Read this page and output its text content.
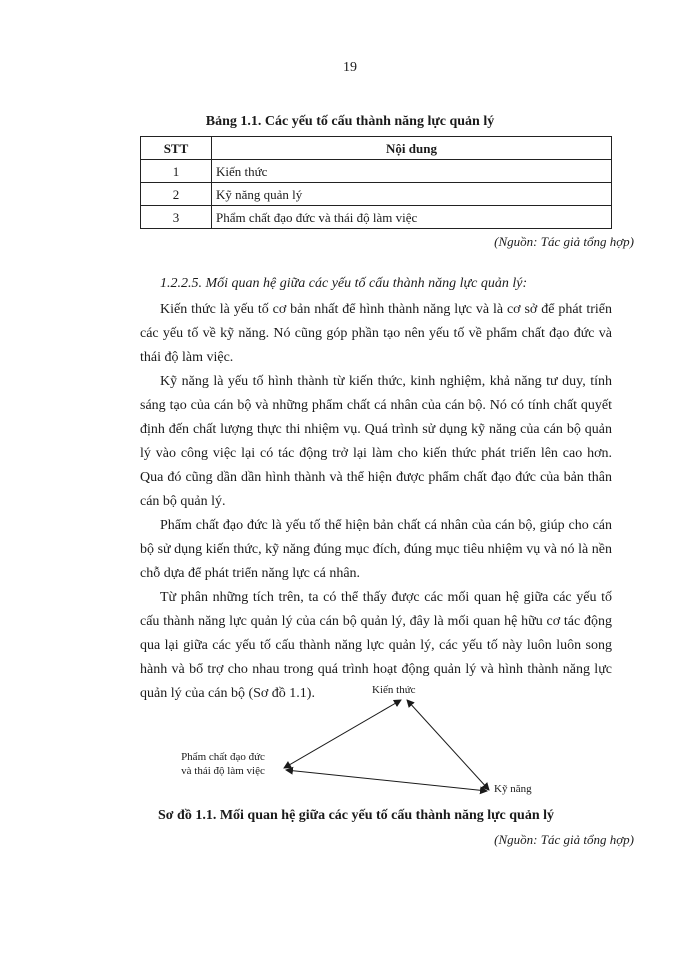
19
Bảng 1.1. Các yếu tố cấu thành năng lực quản lý
STT	Nội dung
1	Kiến thức
2	Kỹ năng quản lý
3	Phẩm chất đạo đức và thái độ làm việc
(Nguồn: Tác giả tổng hợp)
1.2.2.5. Mối quan hệ giữa các yếu tố cấu thành năng lực quản lý:

Kiến thức là yếu tố cơ bản nhất để hình thành năng lực và là cơ sở để phát triển các yếu tố về kỹ năng. Nó cũng góp phần tạo nên yếu tố về phẩm chất đạo đức và thái độ làm việc.

Kỹ năng là yếu tố hình thành từ kiến thức, kinh nghiệm, khả năng tư duy, tính sáng tạo của cán bộ và những phẩm chất cá nhân của cán bộ. Nó có tính chất quyết định đến chất lượng thực thi nhiệm vụ. Quá trình sử dụng kỹ năng của cán bộ quản lý vào công việc lại có tác động trở lại làm cho kiến thức phát triển lên cao hơn. Qua đó cũng dần dần hình thành và thể hiện được phẩm chất đạo đức của bản thân cán bộ quản lý.

Phẩm chất đạo đức là yếu tố thể hiện bản chất cá nhân của cán bộ, giúp cho cán bộ sử dụng kiến thức, kỹ năng đúng mục đích, đúng mục tiêu nhiệm vụ và nó là nền chỗ dựa để phát triển năng lực cá nhân.

Từ phân những tích trên, ta có thể thấy được các mối quan hệ giữa các yếu tố cấu thành năng lực quản lý của cán bộ quản lý, đây là mối quan hệ hữu cơ tác động qua lại giữa các yếu tố cấu thành năng lực quản lý, các yếu tố này luôn luôn song hành và bổ trợ cho nhau trong quá trình hoạt động quản lý và hình thành năng lực quản lý của cán bộ (Sơ đồ 1.1).	Kiến thức
Kỹ năng
Phẩm chất đạo đức
và thái độ làm việc
Sơ đồ 1.1. Mối quan hệ giữa các yếu tố cấu thành năng lực quản lý
(Nguồn: Tác giả tổng hợp)
